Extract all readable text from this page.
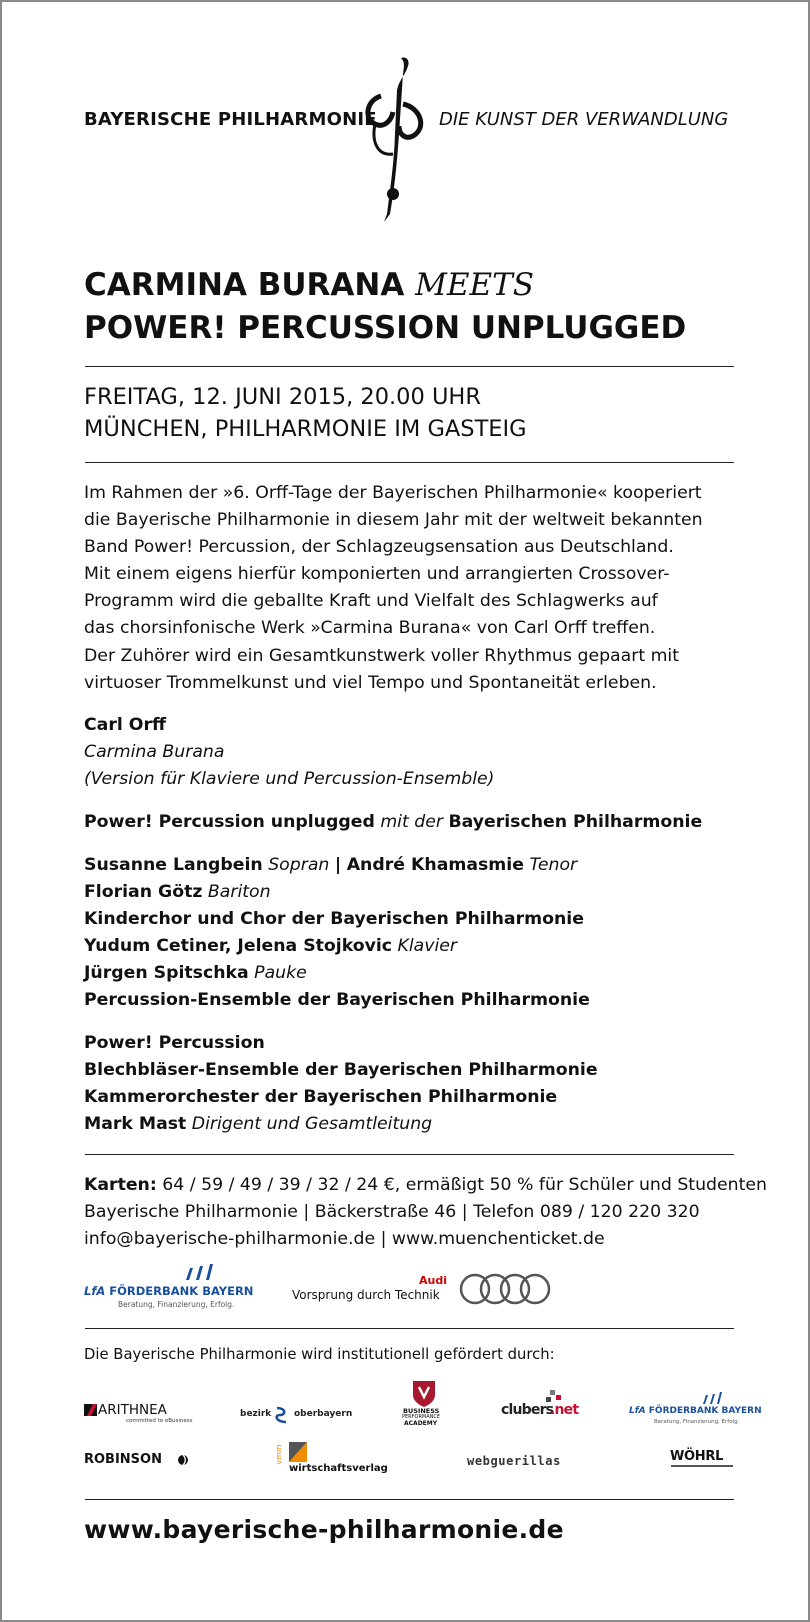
BAYERISCHE PHILHARMONIE	DIE KUNST DER VERWANDLUNG
CARMINA BURANA MEETS
POWER! PERCUSSION UNPLUGGED
FREITAG, 12. JUNI 2015, 20.00 UHR
MÜNCHEN, PHILHARMONIE IM GASTEIG
Im Rahmen der »6. Orff-Tage der Bayerischen Philharmonie« kooperiert
die Bayerische Philharmonie in diesem Jahr mit der weltweit bekannten
Band Power! Percussion, der Schlagzeugsensation aus Deutschland.
Mit einem eigens hierfür komponierten und arrangierten Crossover-
Programm wird die geballte Kraft und Vielfalt des Schlagwerks auf
das chorsinfonische Werk »Carmina Burana« von Carl Orff treffen.
Der Zuhörer wird ein Gesamtkunstwerk voller Rhythmus gepaart mit
virtuoser Trommelkunst und viel Tempo und Spontaneität erleben.
Carl Orff
Carmina Burana
(Version für Klaviere und Percussion-Ensemble)
Power! Percussion unplugged mit der Bayerischen Philharmonie
Susanne Langbein Sopran | André Khamasmie Tenor
Florian Götz Bariton
Kinderchor und Chor der Bayerischen Philharmonie
Yudum Cetiner, Jelena Stojkovic Klavier
Jürgen Spitschka Pauke
Percussion-Ensemble der Bayerischen Philharmonie
Power! Percussion
Blechbläser-Ensemble der Bayerischen Philharmonie
Kammerorchester der Bayerischen Philharmonie
Mark Mast Dirigent und Gesamtleitung
Karten: 64 / 59 / 49 / 39 / 32 / 24 €, ermäßigt 50 % für Schüler und Studenten
Bayerische Philharmonie | Bäckerstraße 46 | Telefon 089 / 120 220 320
info@bayerische-philharmonie.de | www.muenchenticket.de
LfA FÖRDERBANK BAYERN
Beratung, Finanzierung, Erfolg.
Audi
Vorsprung durch Technik
Die Bayerische Philharmonie wird institutionell gefördert durch:
ARITHNEA
committed to eBusiness
bezirk	oberbayern	BUSINESS
PERFORMANCE
ACADEMY
clubers
.net	LfA FÖRDERBANK BAYERN
Beratung, Finanzierung, Erfolg.
ROBINSON	vmm
wirtschaftsverlag
webguerillas	WÖHRL
www.bayerische-philharmonie.de
